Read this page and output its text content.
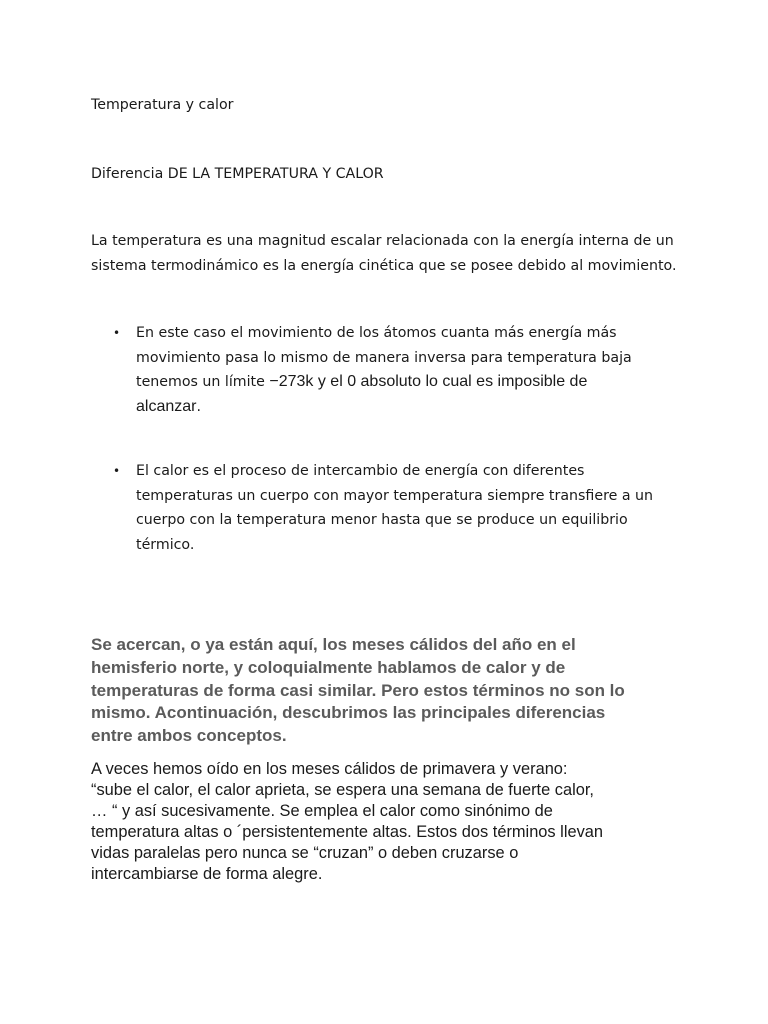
Temperatura y calor

Diferencia DE LA TEMPERATURA Y CALOR

La temperatura es una magnitud escalar relacionada con la energía interna de un
sistema termodinámico es la energía cinética que se posee debido al movimiento.
•	En este caso el movimiento de los átomos cuanta más energía más
movimiento pasa lo mismo de manera inversa para temperatura baja
tenemos un límite −273k y el 0 absoluto lo cual es imposible de
alcanzar.

•	El calor es el proceso de intercambio de energía con diferentes
temperaturas un cuerpo con mayor temperatura siempre transfiere a un
cuerpo con la temperatura menor hasta que se produce un equilibrio
térmico.

Se acercan, o ya están aquí, los meses cálidos del año en el
hemisferio norte, y coloquialmente hablamos de calor y de
temperaturas de forma casi similar. Pero estos términos no son lo
mismo. Acontinuación, descubrimos las principales diferencias
entre ambos conceptos.
A veces hemos oído en los meses cálidos de primavera y verano:
“sube el calor, el calor aprieta, se espera una semana de fuerte calor,
… “ y así sucesivamente. Se emplea el calor como sinónimo de
temperatura altas o ´persistentemente altas. Estos dos términos llevan
vidas paralelas pero nunca se “cruzan” o deben cruzarse o
intercambiarse de forma alegre.
